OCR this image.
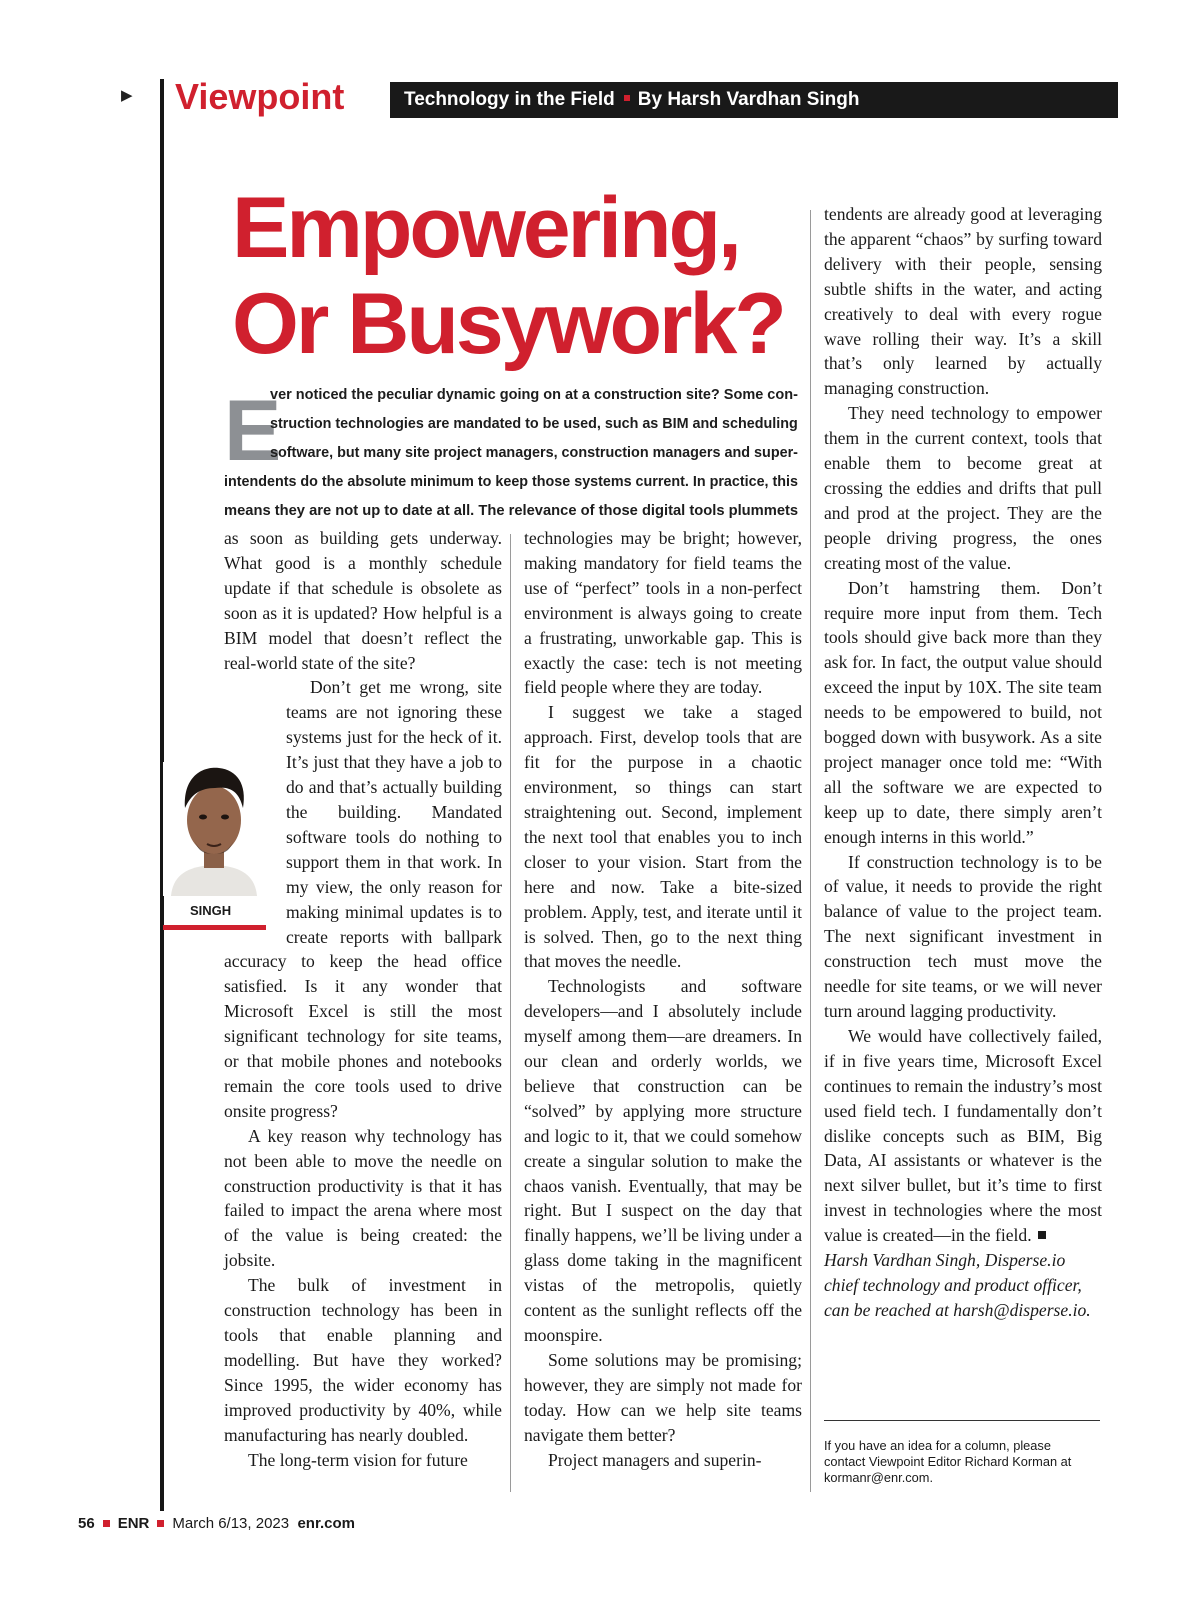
▶ Viewpoint	Technology in the Field By Harsh Vardhan Singh
Empowering,
Or Busywork?
E
ver noticed the peculiar dynamic going on at a construction site? Some con-
struction technologies are mandated to be used, such as BIM and scheduling
software, but many site project managers, construction managers and super-
intendents do the absolute minimum to keep those systems current. In practice, this
means they are not up to date at all. The relevance of those digital tools plummets

as soon as building gets underway. What good is a monthly schedule update if that schedule is obsolete as soon as it is updated? How helpful is a BIM model that doesn’t reflect the real-world state of the site?

Don’t get me wrong, site teams are not ignoring these systems just for the heck of it. It’s just that they have a job to do and that’s actually building the building. Mandated software tools do nothing to support them in that work. In my view, the only reason for making minimal updates is to create reports with ballpark accuracy to keep the head office satisfied. Is it any wonder that Microsoft Excel is still the most significant technology for site teams, or that mobile phones and notebooks remain the core tools used to drive onsite progress?

A key reason why technology has not been able to move the needle on construction productivity is that it has failed to impact the arena where most of the value is being created: the jobsite.

The bulk of investment in construction technology has been in tools that enable planning and modelling. But have they worked? Since 1995, the wider economy has improved productivity by 40%, while manufacturing has nearly doubled.

The long-term vision for future

SINGH

technologies may be bright; however, making mandatory for field teams the use of “perfect” tools in a non-perfect environment is always going to create a frustrating, unworkable gap. This is exactly the case: tech is not meeting field people where they are today.

I suggest we take a staged approach. First, develop tools that are fit for the purpose in a chaotic environment, so things can start straightening out. Second, implement the next tool that enables you to inch closer to your vision. Start from the here and now. Take a bite-sized problem. Apply, test, and iterate until it is solved. Then, go to the next thing that moves the needle.

Technologists and software developers—and I absolutely include myself among them—are dreamers. In our clean and orderly worlds, we believe that construction can be “solved” by applying more structure and logic to it, that we could somehow create a singular solution to make the chaos vanish. Eventually, that may be right. But I suspect on the day that finally happens, we’ll be living under a glass dome taking in the magnificent vistas of the metropolis, quietly content as the sunlight reflects off the moonspire.

Some solutions may be promising; however, they are simply not made for today. How can we help site teams navigate them better?

Project managers and superin-

tendents are already good at leveraging the apparent “chaos” by surfing toward delivery with their people, sensing subtle shifts in the water, and acting creatively to deal with every rogue wave rolling their way. It’s a skill that’s only learned by actually managing construction.

They need technology to empower them in the current context, tools that enable them to become great at crossing the eddies and drifts that pull and prod at the project. They are the people driving progress, the ones creating most of the value.

Don’t hamstring them. Don’t require more input from them. Tech tools should give back more than they ask for. In fact, the output value should exceed the input by 10X. The site team needs to be empowered to build, not bogged down with busywork. As a site project manager once told me: “With all the software we are expected to keep up to date, there simply aren’t enough interns in this world.”

If construction technology is to be of value, it needs to provide the right balance of value to the project team. The next significant investment in construction tech must move the needle for site teams, or we will never turn around lagging productivity.

We would have collectively failed, if in five years time, Microsoft Excel continues to remain the industry’s most used field tech. I fundamentally don’t dislike concepts such as BIM, Big Data, AI assistants or whatever is the next silver bullet, but it’s time to first invest in technologies where the most value is created—in the field.

Harsh Vardhan Singh, Disperse.io chief technology and product officer, can be reached at harsh@disperse.io.

If you have an idea for a column, please contact Viewpoint Editor Richard Korman at kormanr@enr.com.
56 ENR March 6/13, 2023 enr.com
